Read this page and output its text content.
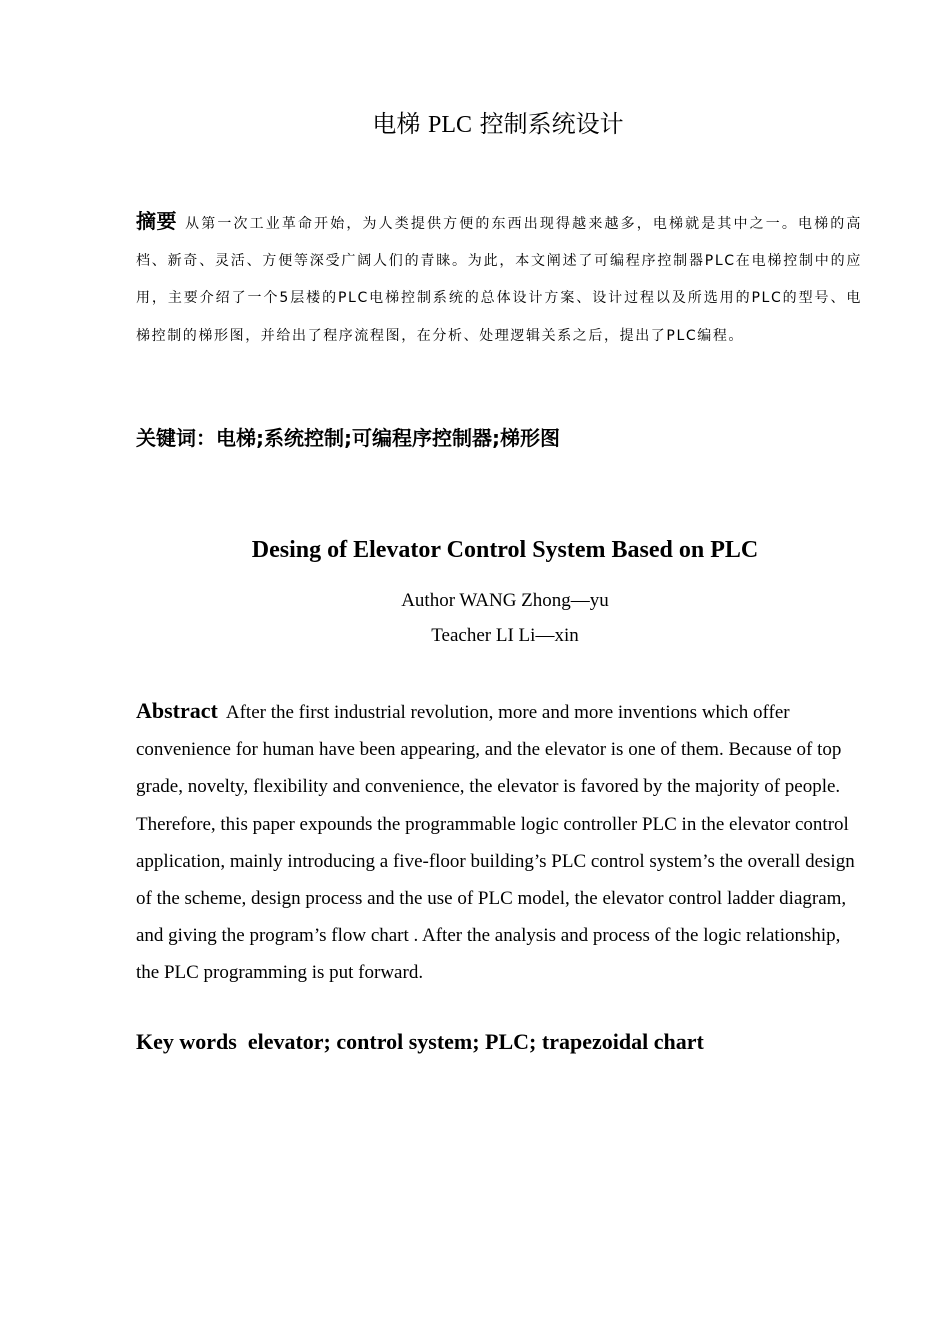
电梯 PLC 控制系统设计
摘要 从第一次工业革命开始，为人类提供方便的东西出现得越来越多，电梯就是其中之一。电梯的高档、新奇、灵活、方便等深受广阔人们的青睐。为此，本文阐述了可编程序控制器PLC在电梯控制中的应用，主要介绍了一个5层楼的PLC电梯控制系统的总体设计方案、设计过程以及所选用的PLC的型号、电梯控制的梯形图，并给出了程序流程图，在分析、处理逻辑关系之后，提出了PLC编程。
关键词：电梯;系统控制;可编程序控制器;梯形图
Desing of Elevator Control System Based on PLC
Author WANG Zhong—yu
Teacher LI Li—xin
Abstract After the first industrial revolution, more and more inventions which offer convenience for human have been appearing, and the elevator is one of them. Because of top grade, novelty, flexibility and convenience, the elevator is favored by the majority of people. Therefore, this paper expounds the programmable logic controller PLC in the elevator control application, mainly introducing a five-floor building’s PLC control system’s the overall design of the scheme, design process and the use of PLC model, the elevator control ladder diagram, and giving the program’s flow chart . After the analysis and process of the logic relationship, the PLC programming is put forward.
Key words  elevator; control system; PLC; trapezoidal chart
